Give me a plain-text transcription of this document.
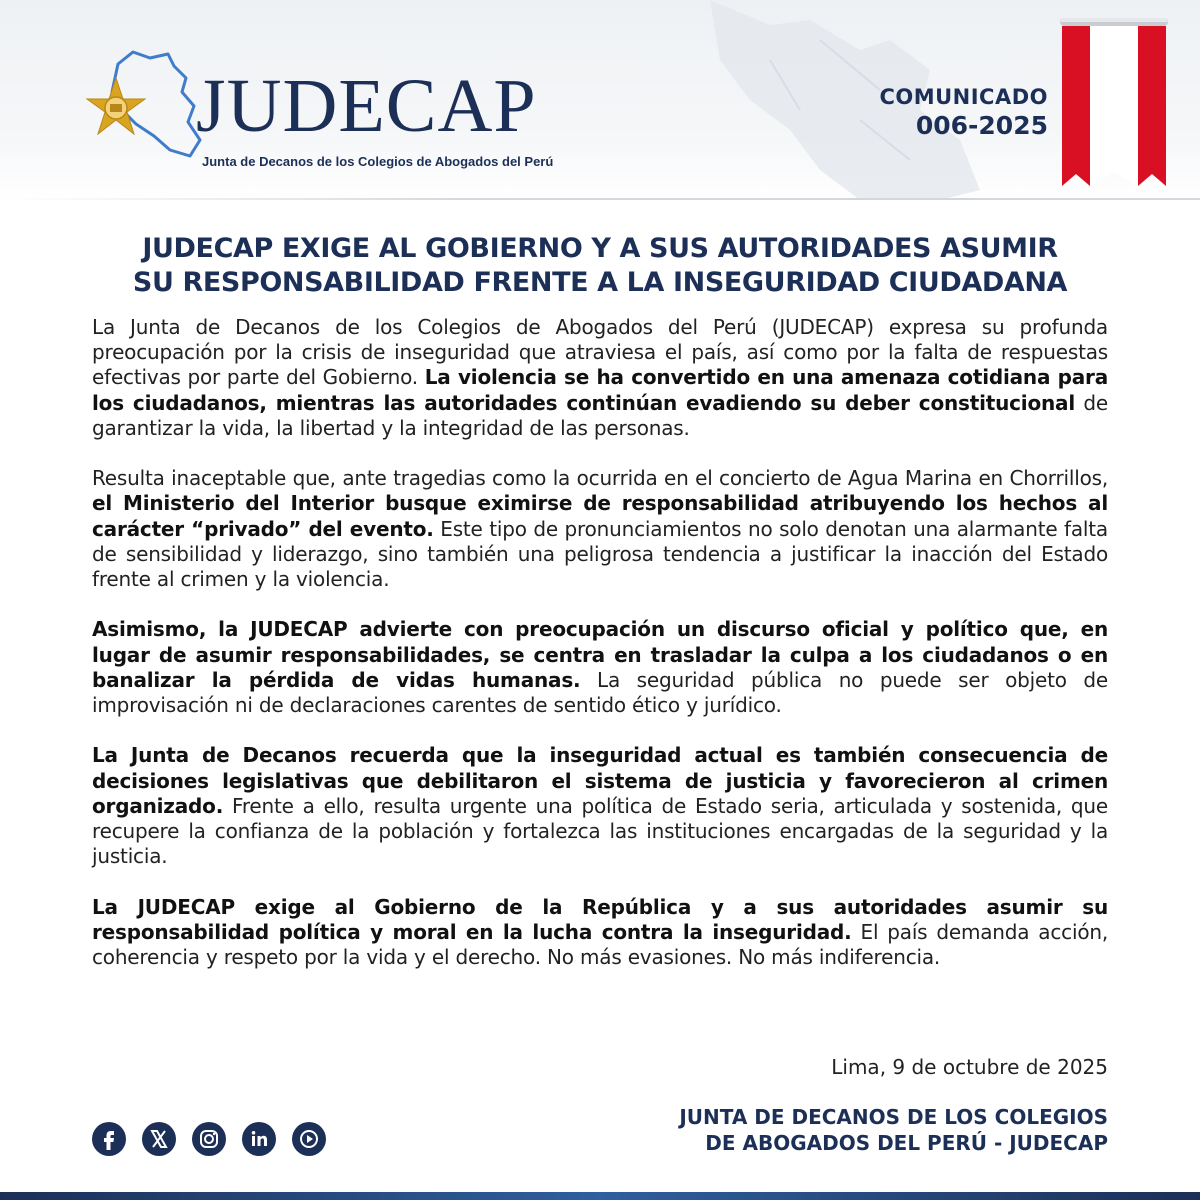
JUDECAP
Junta de Decanos de los Colegios de Abogados del Perú
COMUNICADO
006-2025
JUDECAP EXIGE AL GOBIERNO Y A SUS AUTORIDADES ASUMIR
SU RESPONSABILIDAD FRENTE A LA INSEGURIDAD CIUDADANA

La Junta de Decanos de los Colegios de Abogados del Perú (JUDECAP) expresa su profunda preocupación por la crisis de inseguridad que atraviesa el país, así como por la falta de respuestas efectivas por parte del Gobierno. La violencia se ha convertido en una amenaza cotidiana para los ciudadanos, mientras las autoridades continúan evadiendo su deber constitucional de garantizar la vida, la libertad y la integridad de las personas.

Resulta inaceptable que, ante tragedias como la ocurrida en el concierto de Agua Marina en Chorrillos, el Ministerio del Interior busque eximirse de responsabilidad atribuyendo los hechos al carácter “privado” del evento. Este tipo de pronunciamientos no solo denotan una alarmante falta de sensibilidad y liderazgo, sino también una peligrosa tendencia a justificar la inacción del Estado frente al crimen y la violencia.

Asimismo, la JUDECAP advierte con preocupación un discurso oficial y político que, en lugar de asumir responsabilidades, se centra en trasladar la culpa a los ciudadanos o en banalizar la pérdida de vidas humanas. La seguridad pública no puede ser objeto de improvisación ni de declaraciones carentes de sentido ético y jurídico.

La Junta de Decanos recuerda que la inseguridad actual es también consecuencia de decisiones legislativas que debilitaron el sistema de justicia y favorecieron al crimen organizado. Frente a ello, resulta urgente una política de Estado seria, articulada y sostenida, que recupere la confianza de la población y fortalezca las instituciones encargadas de la seguridad y la justicia.

La JUDECAP exige al Gobierno de la República y a sus autoridades asumir su responsabilidad política y moral en la lucha contra la inseguridad. El país demanda acción, coherencia y respeto por la vida y el derecho. No más evasiones. No más indiferencia.

Lima, 9 de octubre de 2025
JUNTA DE DECANOS DE LOS COLEGIOS
DE ABOGADOS DEL PERÚ - JUDECAP
